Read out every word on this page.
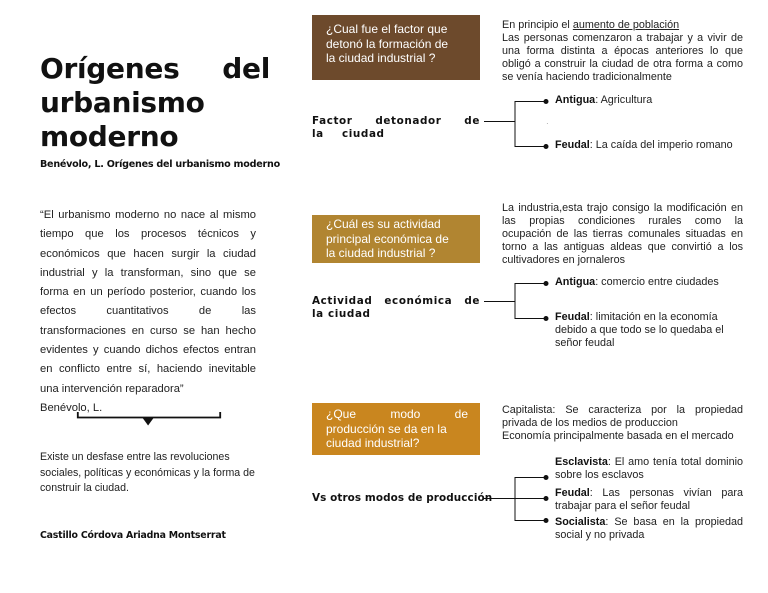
Orígenes del urbanismo moderno
Benévolo, L. Orígenes del urbanismo moderno
“El urbanismo moderno no nace al mismo tiempo que los procesos técnicos y económicos que hacen surgir la ciudad industrial y la transforman, sino que se forma en un período posterior, cuando los efectos cuantitativos de las transformaciones en curso se han hecho evidentes y cuando dichos efectos entran en conflicto entre sí, haciendo inevitable una intervención reparadora”
Benévolo, L.
Existe un desfase entre las revoluciones sociales, políticas y económicas y la forma de construir la ciudad.
Castillo Córdova Ariadna Montserrat
¿Cual fue el factor que
detonó la formación de
la ciudad industrial ?
En principio el aumento de población
Las personas comenzaron a trabajar y a vivir de una forma distinta a épocas anteriores lo que obligó a construir la ciudad de otra forma a como se venía haciendo tradicionalmente
Factor detonador de la ciudad
Antigua: Agricultura
·
Feudal: La caída del imperio romano
La industria,esta trajo consigo la modificación en las propias condiciones rurales como la ocupación de las tierras comunales situadas en torno a las antiguas aldeas que convirtió a los cultivadores en jornaleros
¿Cuál es su actividad
principal económica de
la ciudad industrial ?
Actividad económica de la ciudad
Antigua: comercio entre ciudades
Feudal: limitación en la economía debido a que todo se lo quedaba el señor feudal
¿Que modo de
producción se da en la ciudad industrial?
Capitalista: Se caracteriza por la propiedad privada de los medios de produccion
Economía principalmente basada en el mercado
Vs otros modos de producción
Esclavista: El amo tenía total dominio sobre los esclavos
Feudal: Las personas vivían para trabajar para el señor feudal
Socialista: Se basa en la propiedad social y no privada
